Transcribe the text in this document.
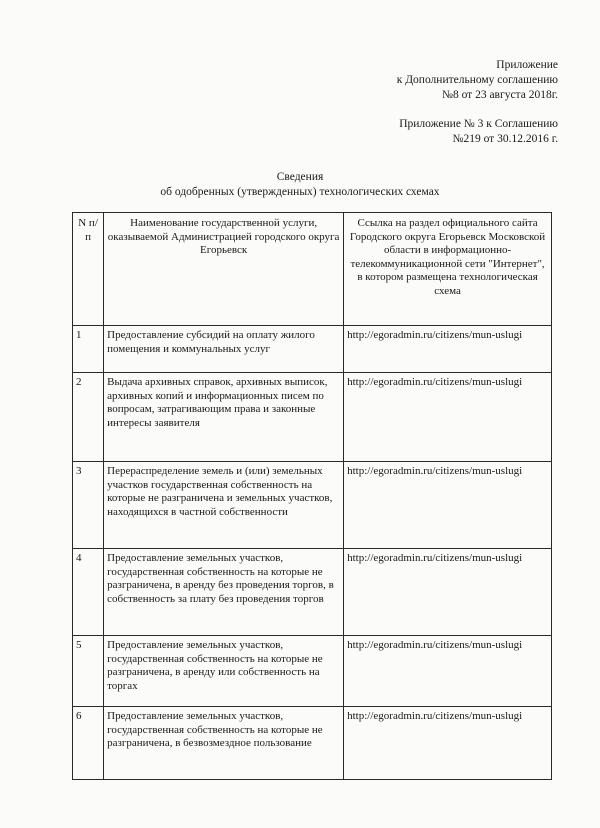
Приложение
к Дополнительному соглашению
№8 от 23 августа 2018г.
Приложение № 3 к Соглашению
№219 от 30.12.2016 г.
Сведения
об одобренных (утвержденных) технологических схемах
N п/п	Наименование государственной услуги, оказываемой Администрацией городского округа Егорьевск	Ссылка на раздел официального сайта Городского округа Егорьевск Московской области в информационно-телекоммуникационной сети "Интернет", в котором размещена технологическая схема
1	Предоставление субсидий на оплату жилого помещения и коммунальных услуг	http://egoradmin.ru/citizens/mun-uslugi
2	Выдача архивных справок, архивных выписок, архивных копий и информационных писем по вопросам, затрагивающим права и законные интересы заявителя	http://egoradmin.ru/citizens/mun-uslugi
3	Перераспределение земель и (или) земельных участков государственная собственность на которые не разграничена и земельных участков, находящихся в частной собственности	http://egoradmin.ru/citizens/mun-uslugi
4	Предоставление земельных участков, государственная собственность на которые не разграничена, в аренду без проведения торгов, в собственность за плату без проведения торгов	http://egoradmin.ru/citizens/mun-uslugi
5	Предоставление земельных участков, государственная собственность на которые не разграничена, в аренду или собственность на торгах	http://egoradmin.ru/citizens/mun-uslugi
6	Предоставление земельных участков, государственная собственность на которые не разграничена, в безвозмездное пользование	http://egoradmin.ru/citizens/mun-uslugi
